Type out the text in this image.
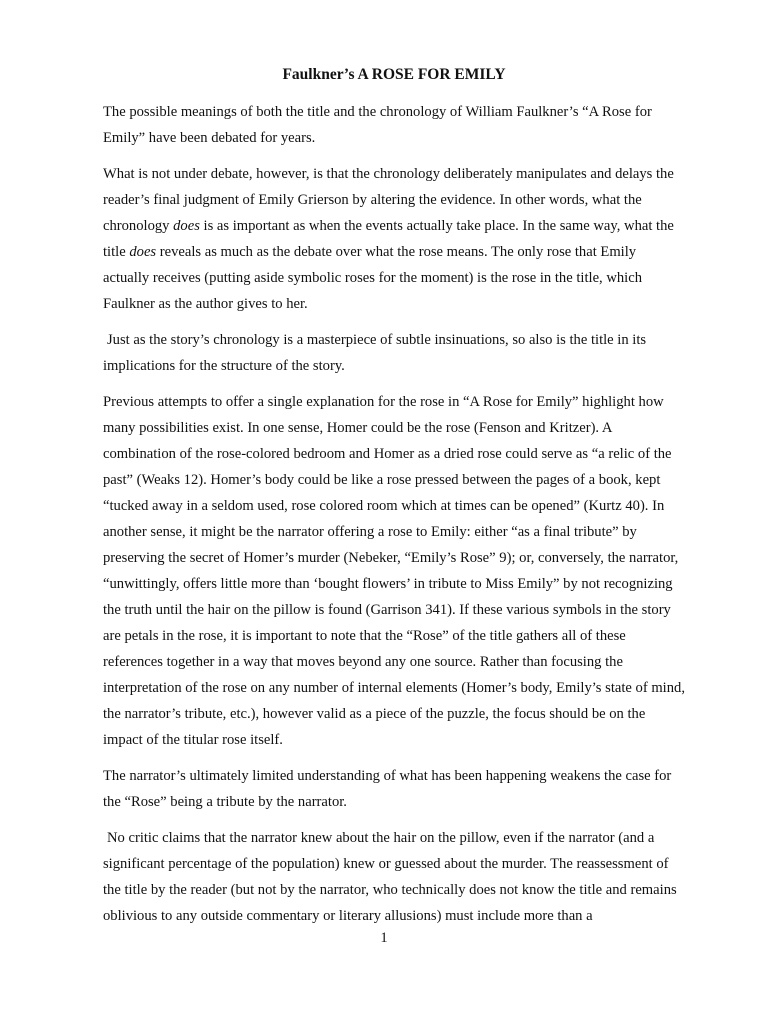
Faulkner’s A ROSE FOR EMILY

The possible meanings of both the title and the chronology of William Faulkner’s “A Rose for Emily” have been debated for years.

What is not under debate, however, is that the chronology deliberately manipulates and delays the reader’s final judgment of Emily Grierson by altering the evidence. In other words, what the chronology does is as important as when the events actually take place. In the same way, what the title does reveals as much as the debate over what the rose means. The only rose that Emily actually receives (putting aside symbolic roses for the moment) is the rose in the title, which Faulkner as the author gives to her.

Just as the story’s chronology is a masterpiece of subtle insinuations, so also is the title in its implications for the structure of the story.

Previous attempts to offer a single explanation for the rose in “A Rose for Emily” highlight how many possibilities exist. In one sense, Homer could be the rose (Fenson and Kritzer). A combination of the rose-colored bedroom and Homer as a dried rose could serve as “a relic of the past” (Weaks 12). Homer’s body could be like a rose pressed between the pages of a book, kept “tucked away in a seldom used, rose colored room which at times can be opened” (Kurtz 40). In another sense, it might be the narrator offering a rose to Emily: either “as a final tribute” by preserving the secret of Homer’s murder (Nebeker, “Emily’s Rose” 9); or, conversely, the narrator, “unwittingly, offers little more than ‘bought flowers’ in tribute to Miss Emily” by not recognizing the truth until the hair on the pillow is found (Garrison 341). If these various symbols in the story are petals in the rose, it is important to note that the “Rose” of the title gathers all of these references together in a way that moves beyond any one source. Rather than focusing the interpretation of the rose on any number of internal elements (Homer’s body, Emily’s state of mind, the narrator’s tribute, etc.), however valid as a piece of the puzzle, the focus should be on the impact of the titular rose itself.

The narrator’s ultimately limited understanding of what has been happening weakens the case for the “Rose” being a tribute by the narrator.

No critic claims that the narrator knew about the hair on the pillow, even if the narrator (and a significant percentage of the population) knew or guessed about the murder. The reassessment of the title by the reader (but not by the narrator, who technically does not know the title and remains oblivious to any outside commentary or literary allusions) must include more than a

1
